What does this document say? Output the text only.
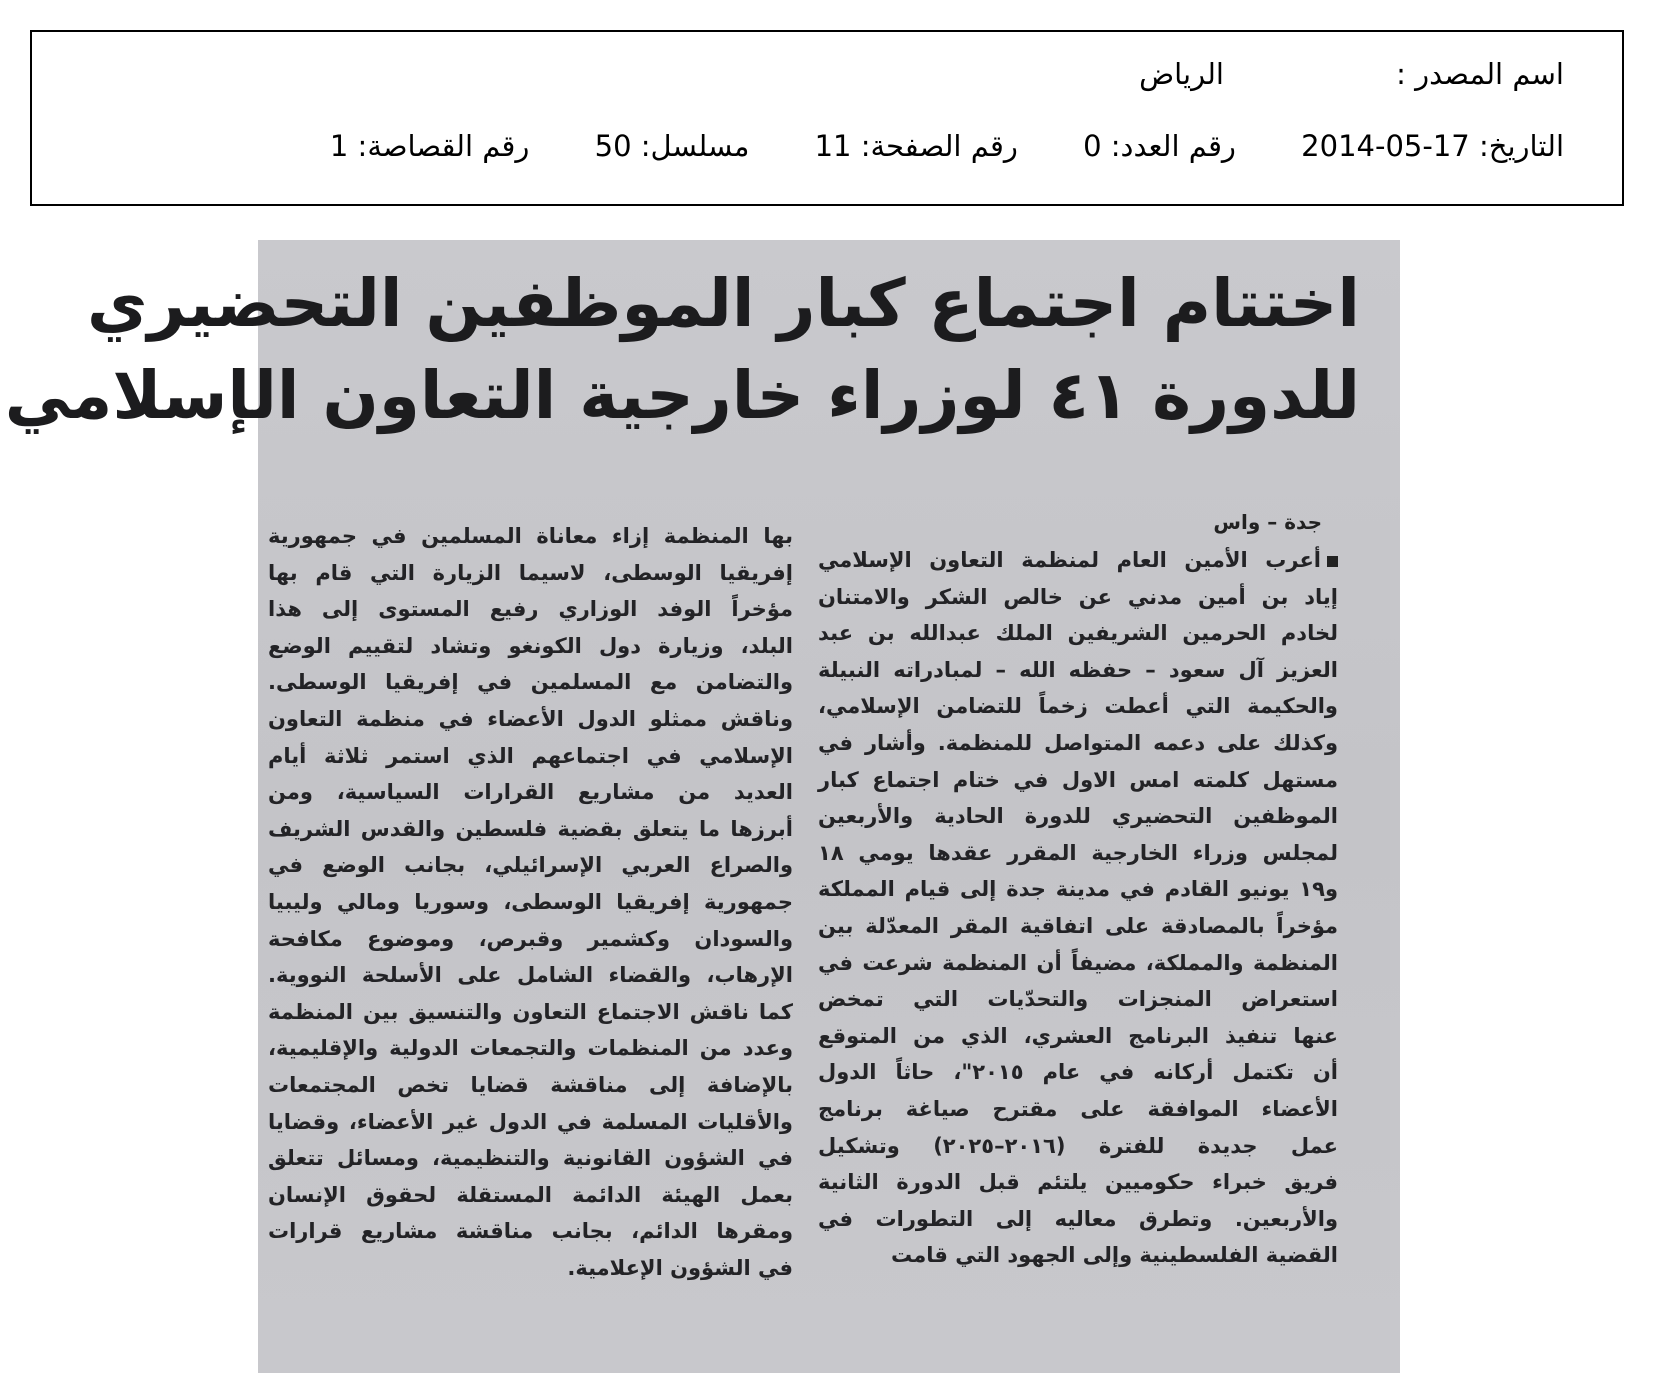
اسم المصدر :
الرياض
التاريخ: 17-05-2014 رقم العدد: 0 رقم الصفحة: 11 مسلسل: 50 رقم القصاصة: 1
اختتام اجتماع كبار الموظفين التحضيري
للدورة ٤١ لوزراء خارجية التعاون الإسلامي
جدة – واس
أعرب الأمين العام لمنظمة التعاون الإسلامي
إياد بن أمين مدني عن خالص الشكر والامتنان
لخادم الحرمين الشريفين الملك عبدالله بن عبد
العزيز آل سعود – حفظه الله – لمبادراته النبيلة
والحكيمة التي أعطت زخماً للتضامن الإسلامي،
وكذلك على دعمه المتواصل للمنظمة. وأشار في
مستهل كلمته امس الاول في ختام اجتماع كبار
الموظفين التحضيري للدورة الحادية والأربعين
لمجلس وزراء الخارجية المقرر عقدها يومي ١٨
و١٩ يونيو القادم في مدينة جدة إلى قيام المملكة
مؤخراً بالمصادقة على اتفاقية المقر المعدّلة بين
المنظمة والمملكة، مضيفاً أن المنظمة شرعت في
استعراض المنجزات والتحدّيات التي تمخض
عنها تنفيذ البرنامج العشري، الذي من المتوقع
أن تكتمل أركانه في عام ٢٠١٥"، حاثاً الدول
الأعضاء الموافقة على مقترح صياغة برنامج
عمل جديدة للفترة (٢٠١٦–٢٠٢٥) وتشكيل
فريق خبراء حكوميين يلتئم قبل الدورة الثانية
والأربعين. وتطرق معاليه إلى التطورات في
القضية الفلسطينية وإلى الجهود التي قامت
بها المنظمة إزاء معاناة المسلمين في جمهورية
إفريقيا الوسطى، لاسيما الزيارة التي قام بها
مؤخراً الوفد الوزاري رفيع المستوى إلى هذا
البلد، وزيارة دول الكونغو وتشاد لتقييم الوضع
والتضامن مع المسلمين في إفريقيا الوسطى.
وناقش ممثلو الدول الأعضاء في منظمة التعاون
الإسلامي في اجتماعهم الذي استمر ثلاثة أيام
العديد من مشاريع القرارات السياسية، ومن
أبرزها ما يتعلق بقضية فلسطين والقدس الشريف
والصراع العربي الإسرائيلي، بجانب الوضع في
جمهورية إفريقيا الوسطى، وسوريا ومالي وليبيا
والسودان وكشمير وقبرص، وموضوع مكافحة
الإرهاب، والقضاء الشامل على الأسلحة النووية.
كما ناقش الاجتماع التعاون والتنسيق بين المنظمة
وعدد من المنظمات والتجمعات الدولية والإقليمية،
بالإضافة إلى مناقشة قضايا تخص المجتمعات
والأقليات المسلمة في الدول غير الأعضاء، وقضايا
في الشؤون القانونية والتنظيمية، ومسائل تتعلق
بعمل الهيئة الدائمة المستقلة لحقوق الإنسان
ومقرها الدائم، بجانب مناقشة مشاريع قرارات
في الشؤون الإعلامية.
